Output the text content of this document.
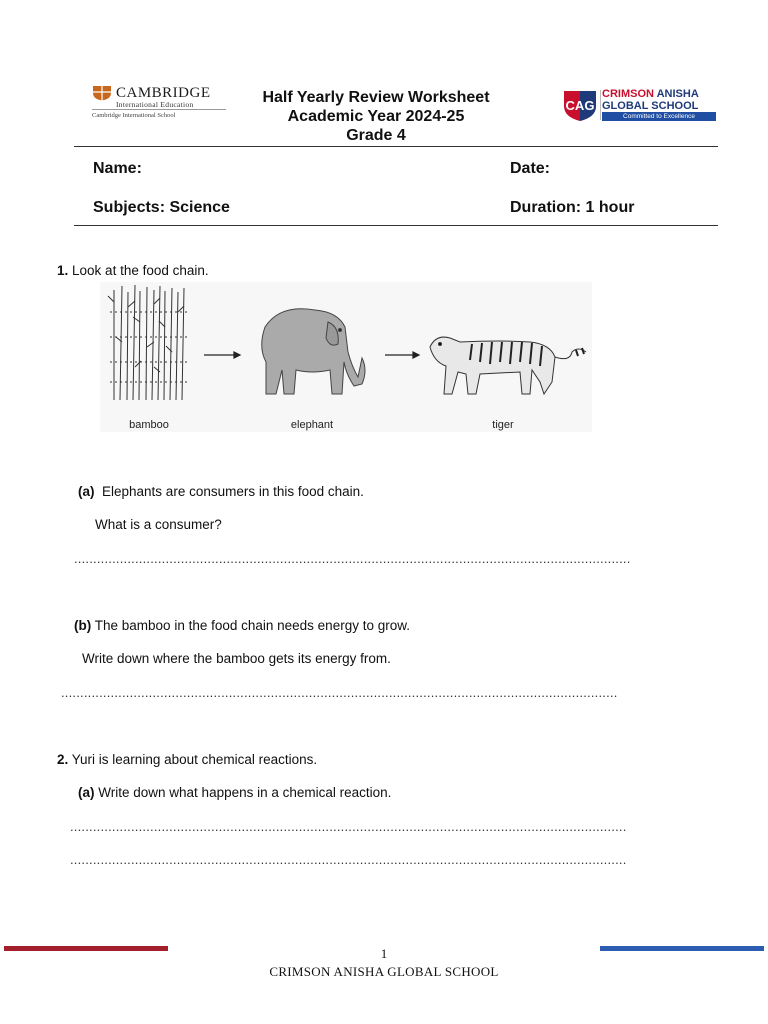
CAMBRIDGE
International Education
Cambridge International School
Half Yearly Review Worksheet
Academic Year 2024-25
Grade 4
CAG
CRIMSON ANISHA
GLOBAL SCHOOL
Committed to Excellence
Name:	Date:
Subjects: Science	Duration: 1 hour
1. Look at the food chain.
bamboo	elephant	tiger
(a) Elephants are consumers in this food chain.
What is a consumer?
..................................................................................................................................................
(b) The bamboo in the food chain needs energy to grow.
Write down where the bamboo gets its energy from.
..................................................................................................................................................
2. Yuri is learning about chemical reactions.
(a) Write down what happens in a chemical reaction.
..................................................................................................................................................
..................................................................................................................................................
1
CRIMSON ANISHA GLOBAL SCHOOL
